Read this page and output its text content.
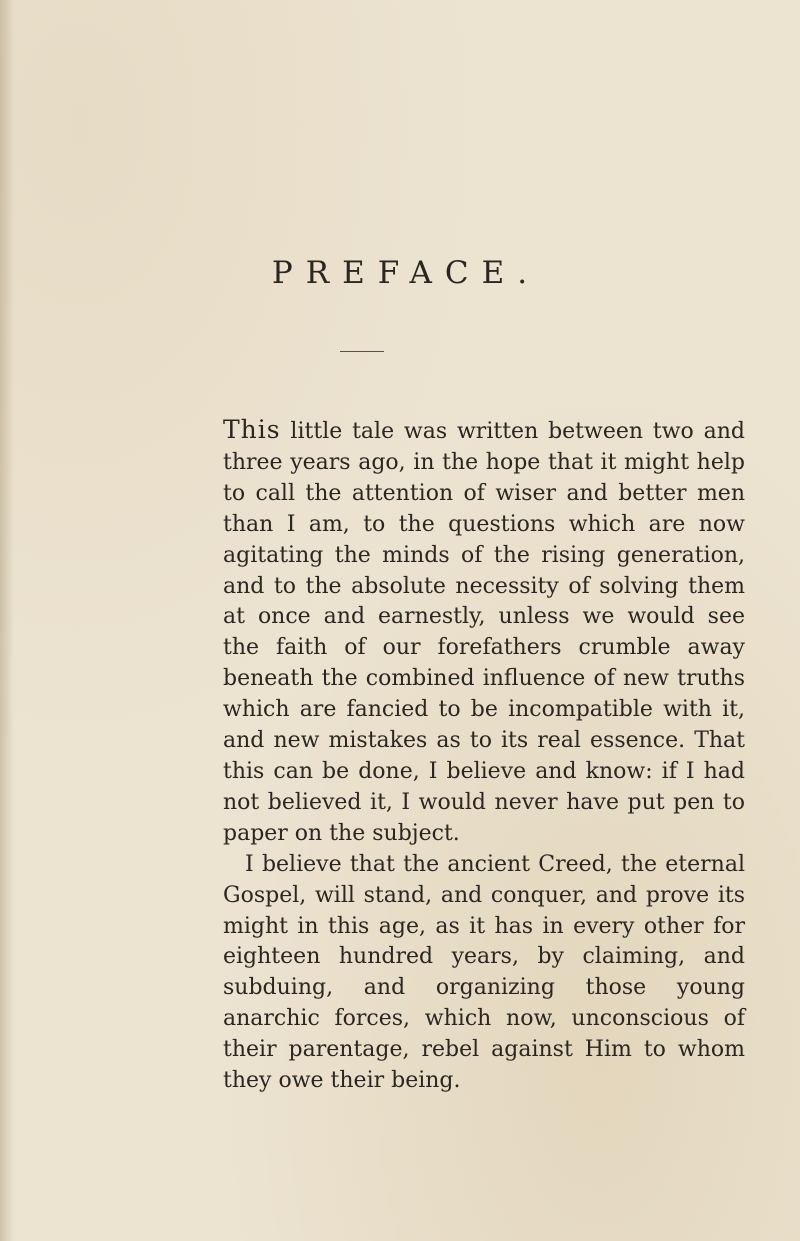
PREFACE.

This little tale was written between two and three years ago, in the hope that it might help to call the attention of wiser and better men than I am, to the questions which are now agitating the minds of the rising generation, and to the absolute necessity of solving them at once and earnestly, unless we would see the faith of our forefathers crumble away beneath the combined influence of new truths which are fancied to be incompatible with it, and new mistakes as to its real essence. That this can be done, I believe and know: if I had not believed it, I would never have put pen to paper on the subject.

I believe that the ancient Creed, the eternal Gospel, will stand, and conquer, and prove its might in this age, as it has in every other for eighteen hundred years, by claiming, and subduing, and organizing those young anarchic forces, which now, unconscious of their parentage, rebel against Him to whom they owe their being.
